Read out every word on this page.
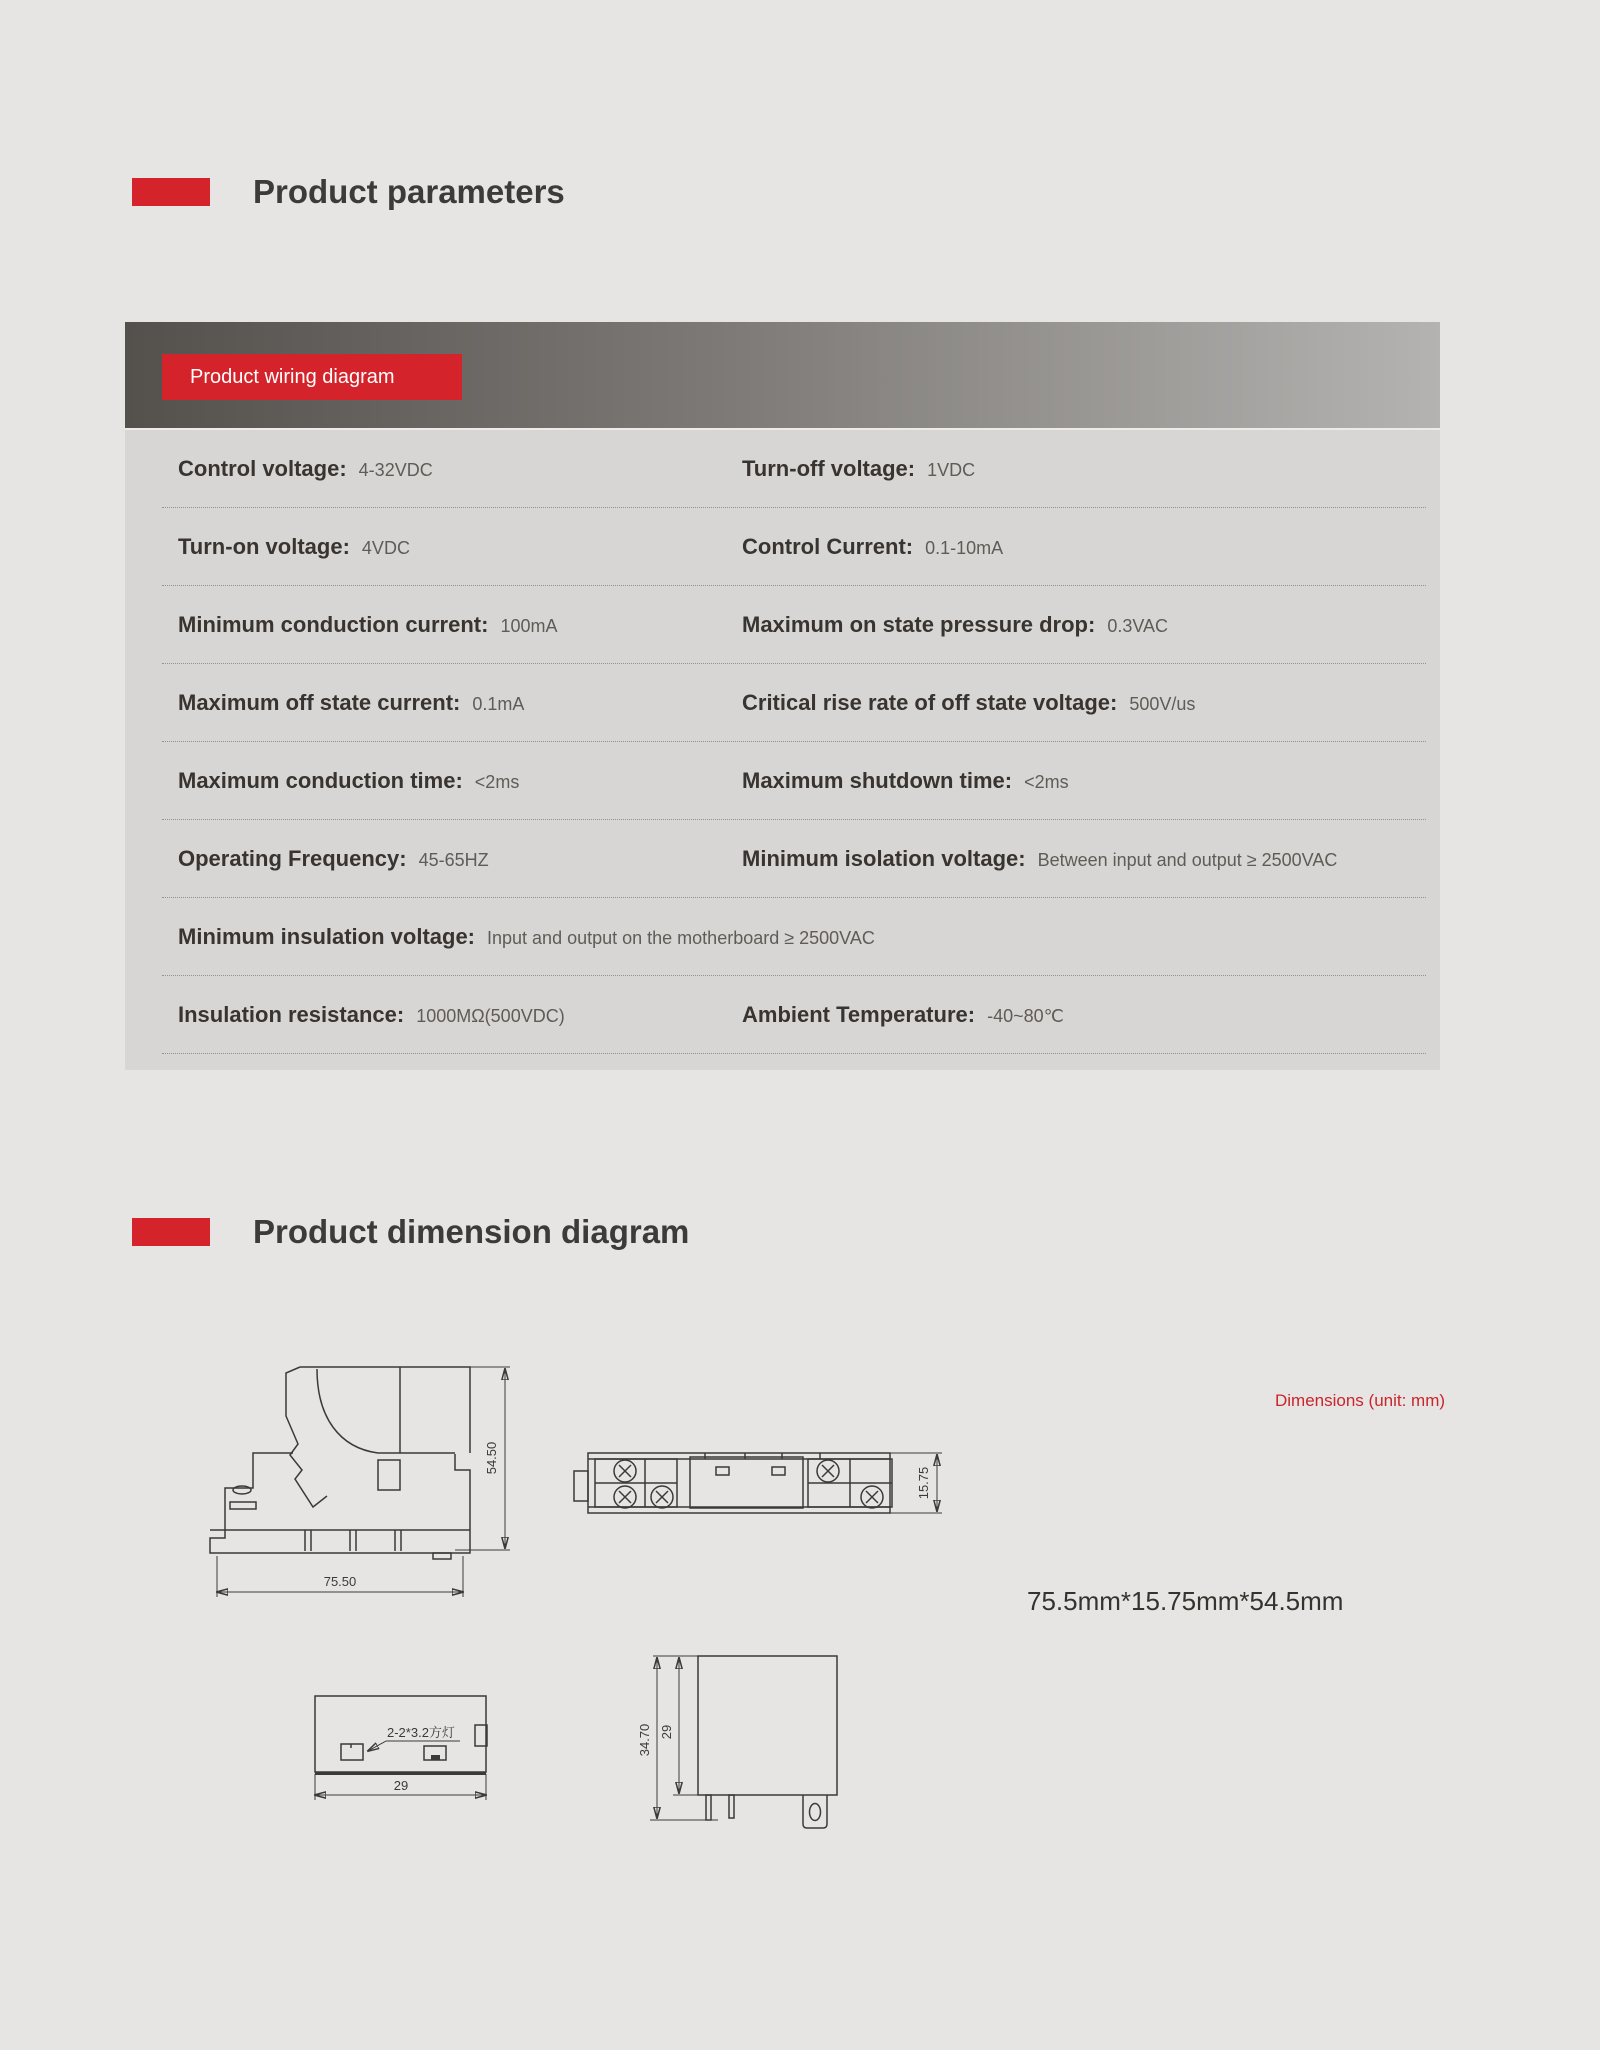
Product parameters
Product wiring diagram
Control voltage: 4-32VDC	Turn-off voltage: 1VDC
Turn-on voltage: 4VDC	Control Current: 0.1-10mA
Minimum conduction current: 100mA	Maximum on state pressure drop: 0.3VAC
Maximum off state current: 0.1mA	Critical rise rate of off state voltage: 500V/us
Maximum conduction time: <2ms	Maximum shutdown time: <2ms
Operating Frequency: 45-65HZ	Minimum isolation voltage: Between input and output ≥ 2500VAC
Minimum insulation voltage: Input and output on the motherboard ≥ 2500VAC
Insulation resistance: 1000MΩ(500VDC)	Ambient Temperature: -40~80℃
Product dimension diagram
Dimensions (unit: mm)
75.5mm*15.75mm*54.5mm
54.50
75.50
15.75
2-2*3.2方灯
29
34.70 29
